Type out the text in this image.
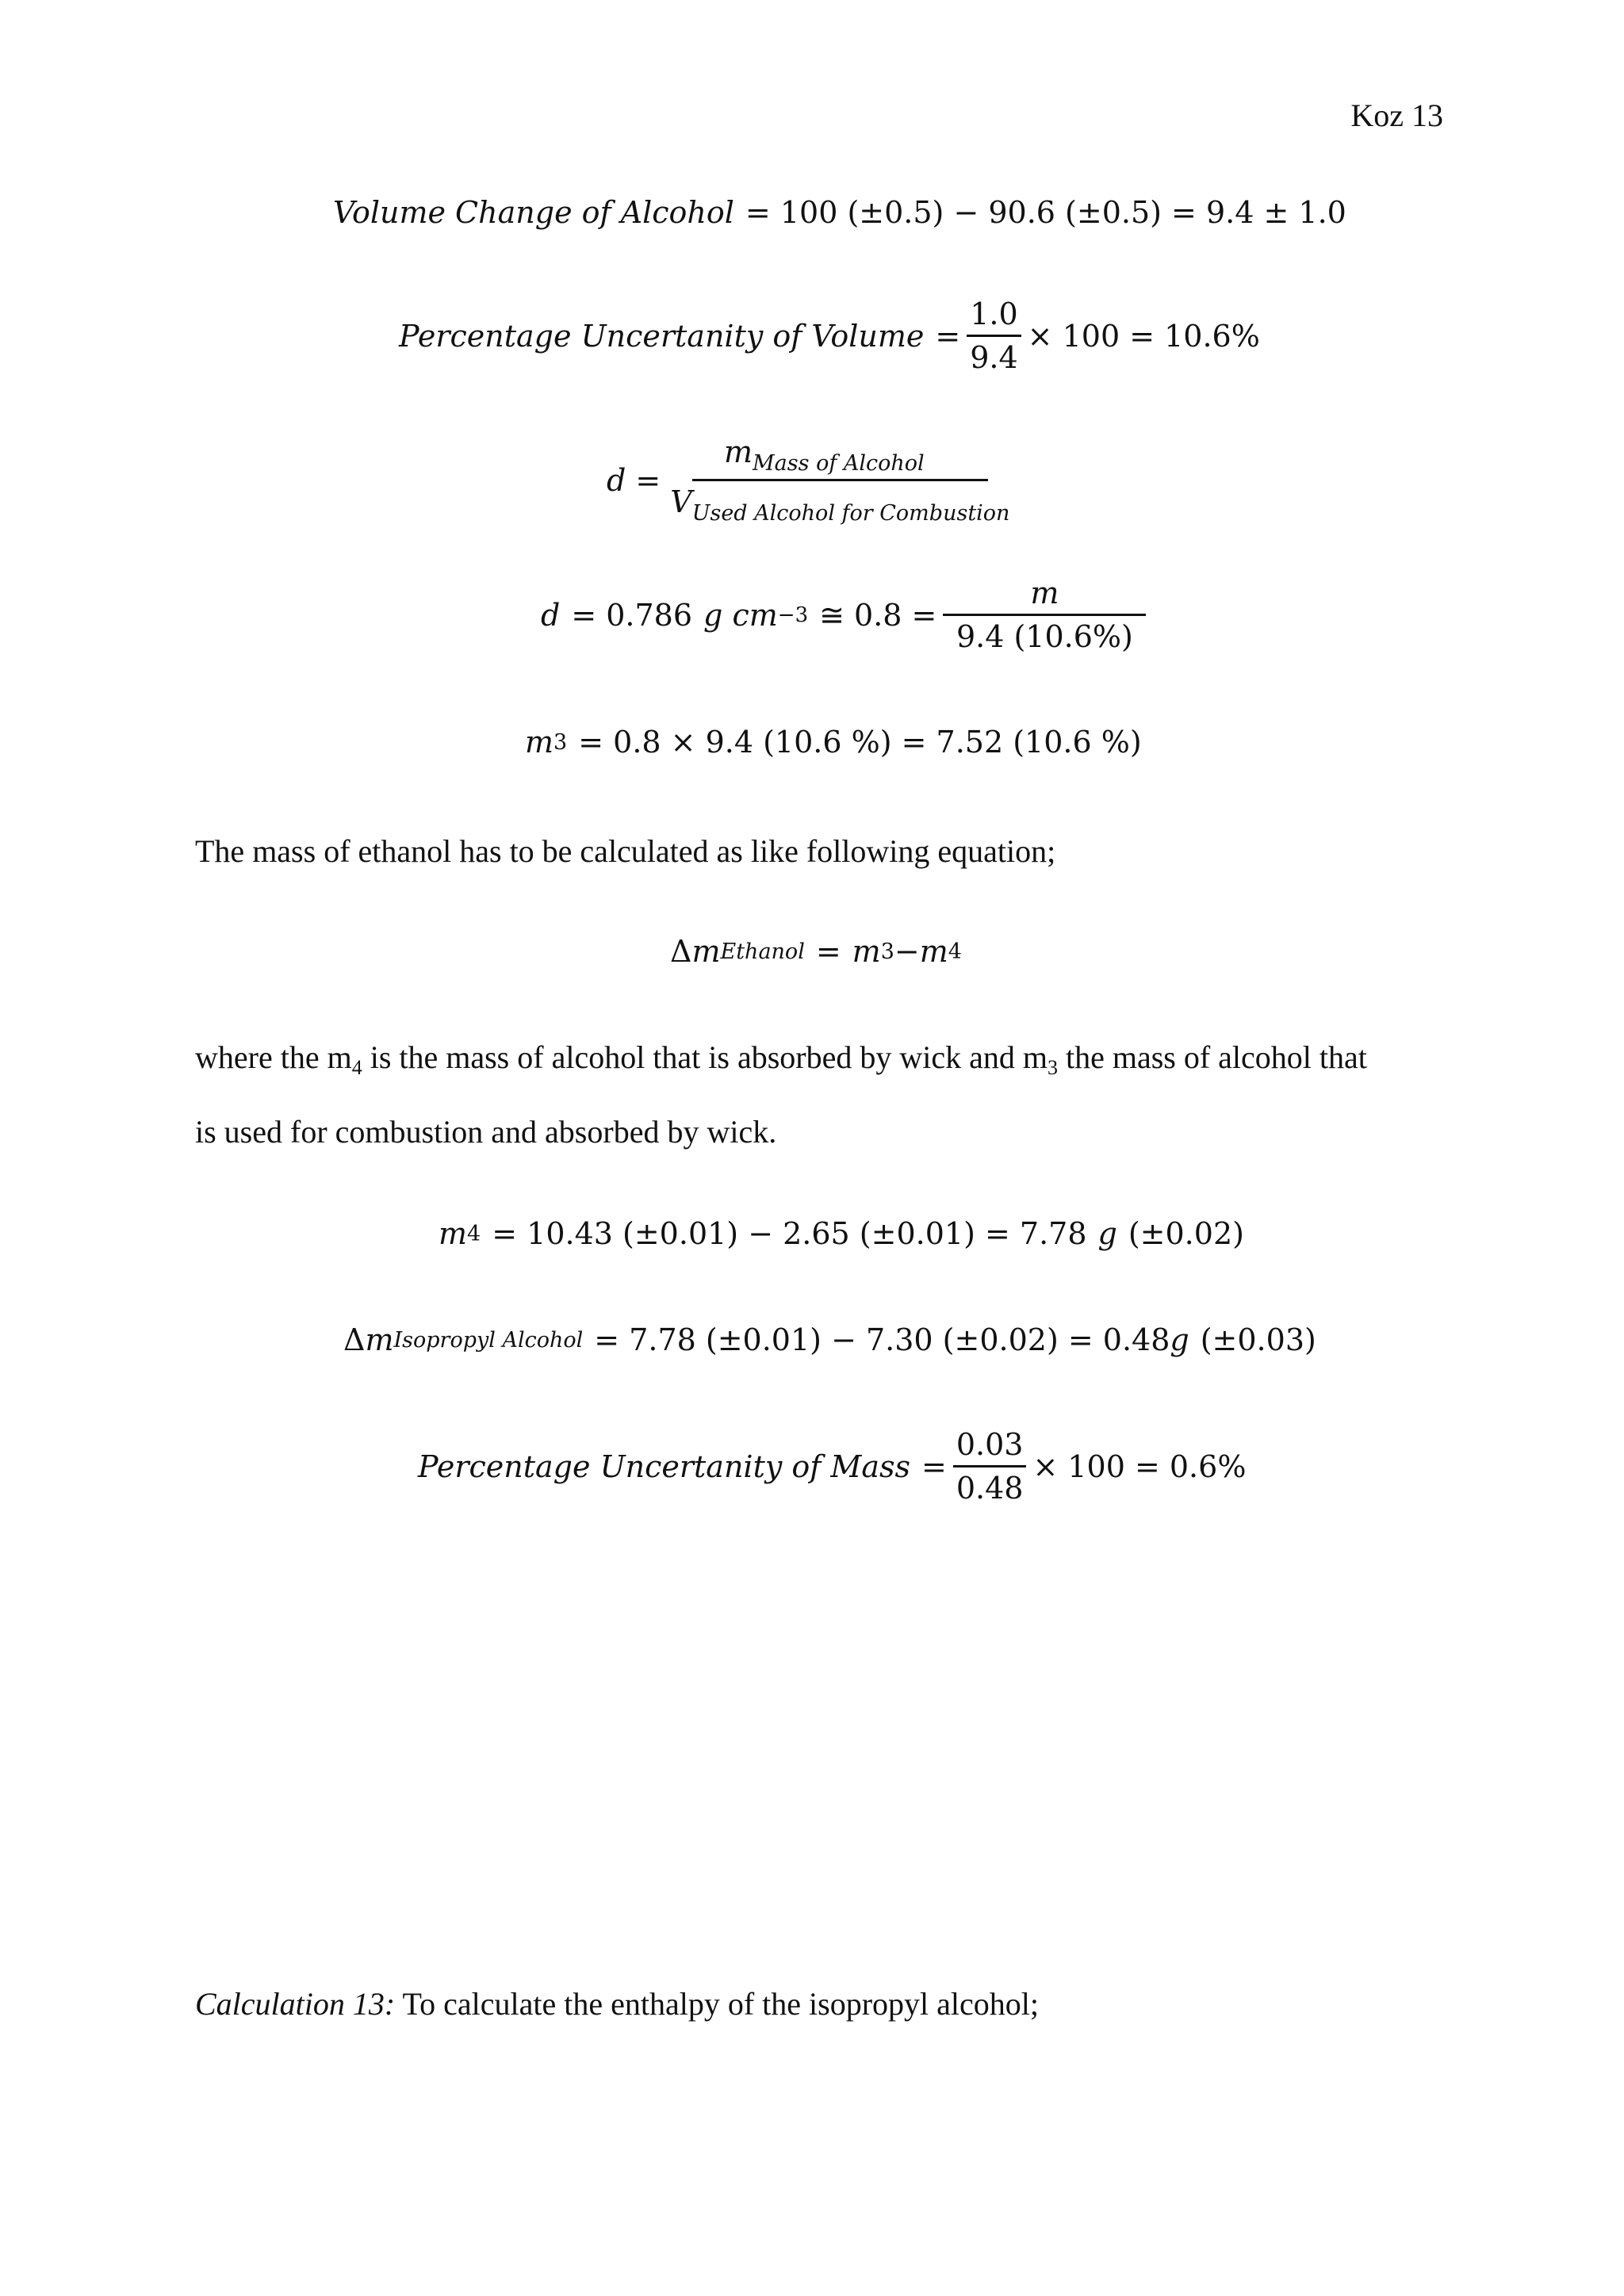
Koz 13
Volume Change of Alcohol = 100 (±0.5) − 90.6 (±0.5) = 9.4 ± 1.0
Percentage Uncertanity of Volume = $\frac{1.0}{9.4} \times 100 = 10.6\%$
$d = \frac{m_{Mass of Alcohol}}{V_{Used Alcohol for Combustion}}$
d = 0.786 g cm −3 ≅ $0.8 = \frac{m}{9.4 (10.6\%)}$
m 3 = 0.8 × 9.4 (10.6 %) = 7.52 (10.6 %)
The mass of ethanol has to be calculated as like following equation;
Δ m Ethanol = m 3 − m 4
where the $m_4$ is the mass of alcohol that is absorbed by wick and $m_3$ the mass of alcohol that
is used for combustion and absorbed by wick.
m 4 = 10.43 (±0.01) − 2.65 (±0.01) = 7.78 g (±0.02)
Δ m Isopropyl Alcohol = 7.78 (±0.01) − 7.30 (±0.02) = 0.48 g (±0.03)
Percentage Uncertanity of Mass = $\frac{0.03}{0.48} \times 100 = 0.6\%$
Calculation 13: To calculate the enthalpy of the isopropyl alcohol;
